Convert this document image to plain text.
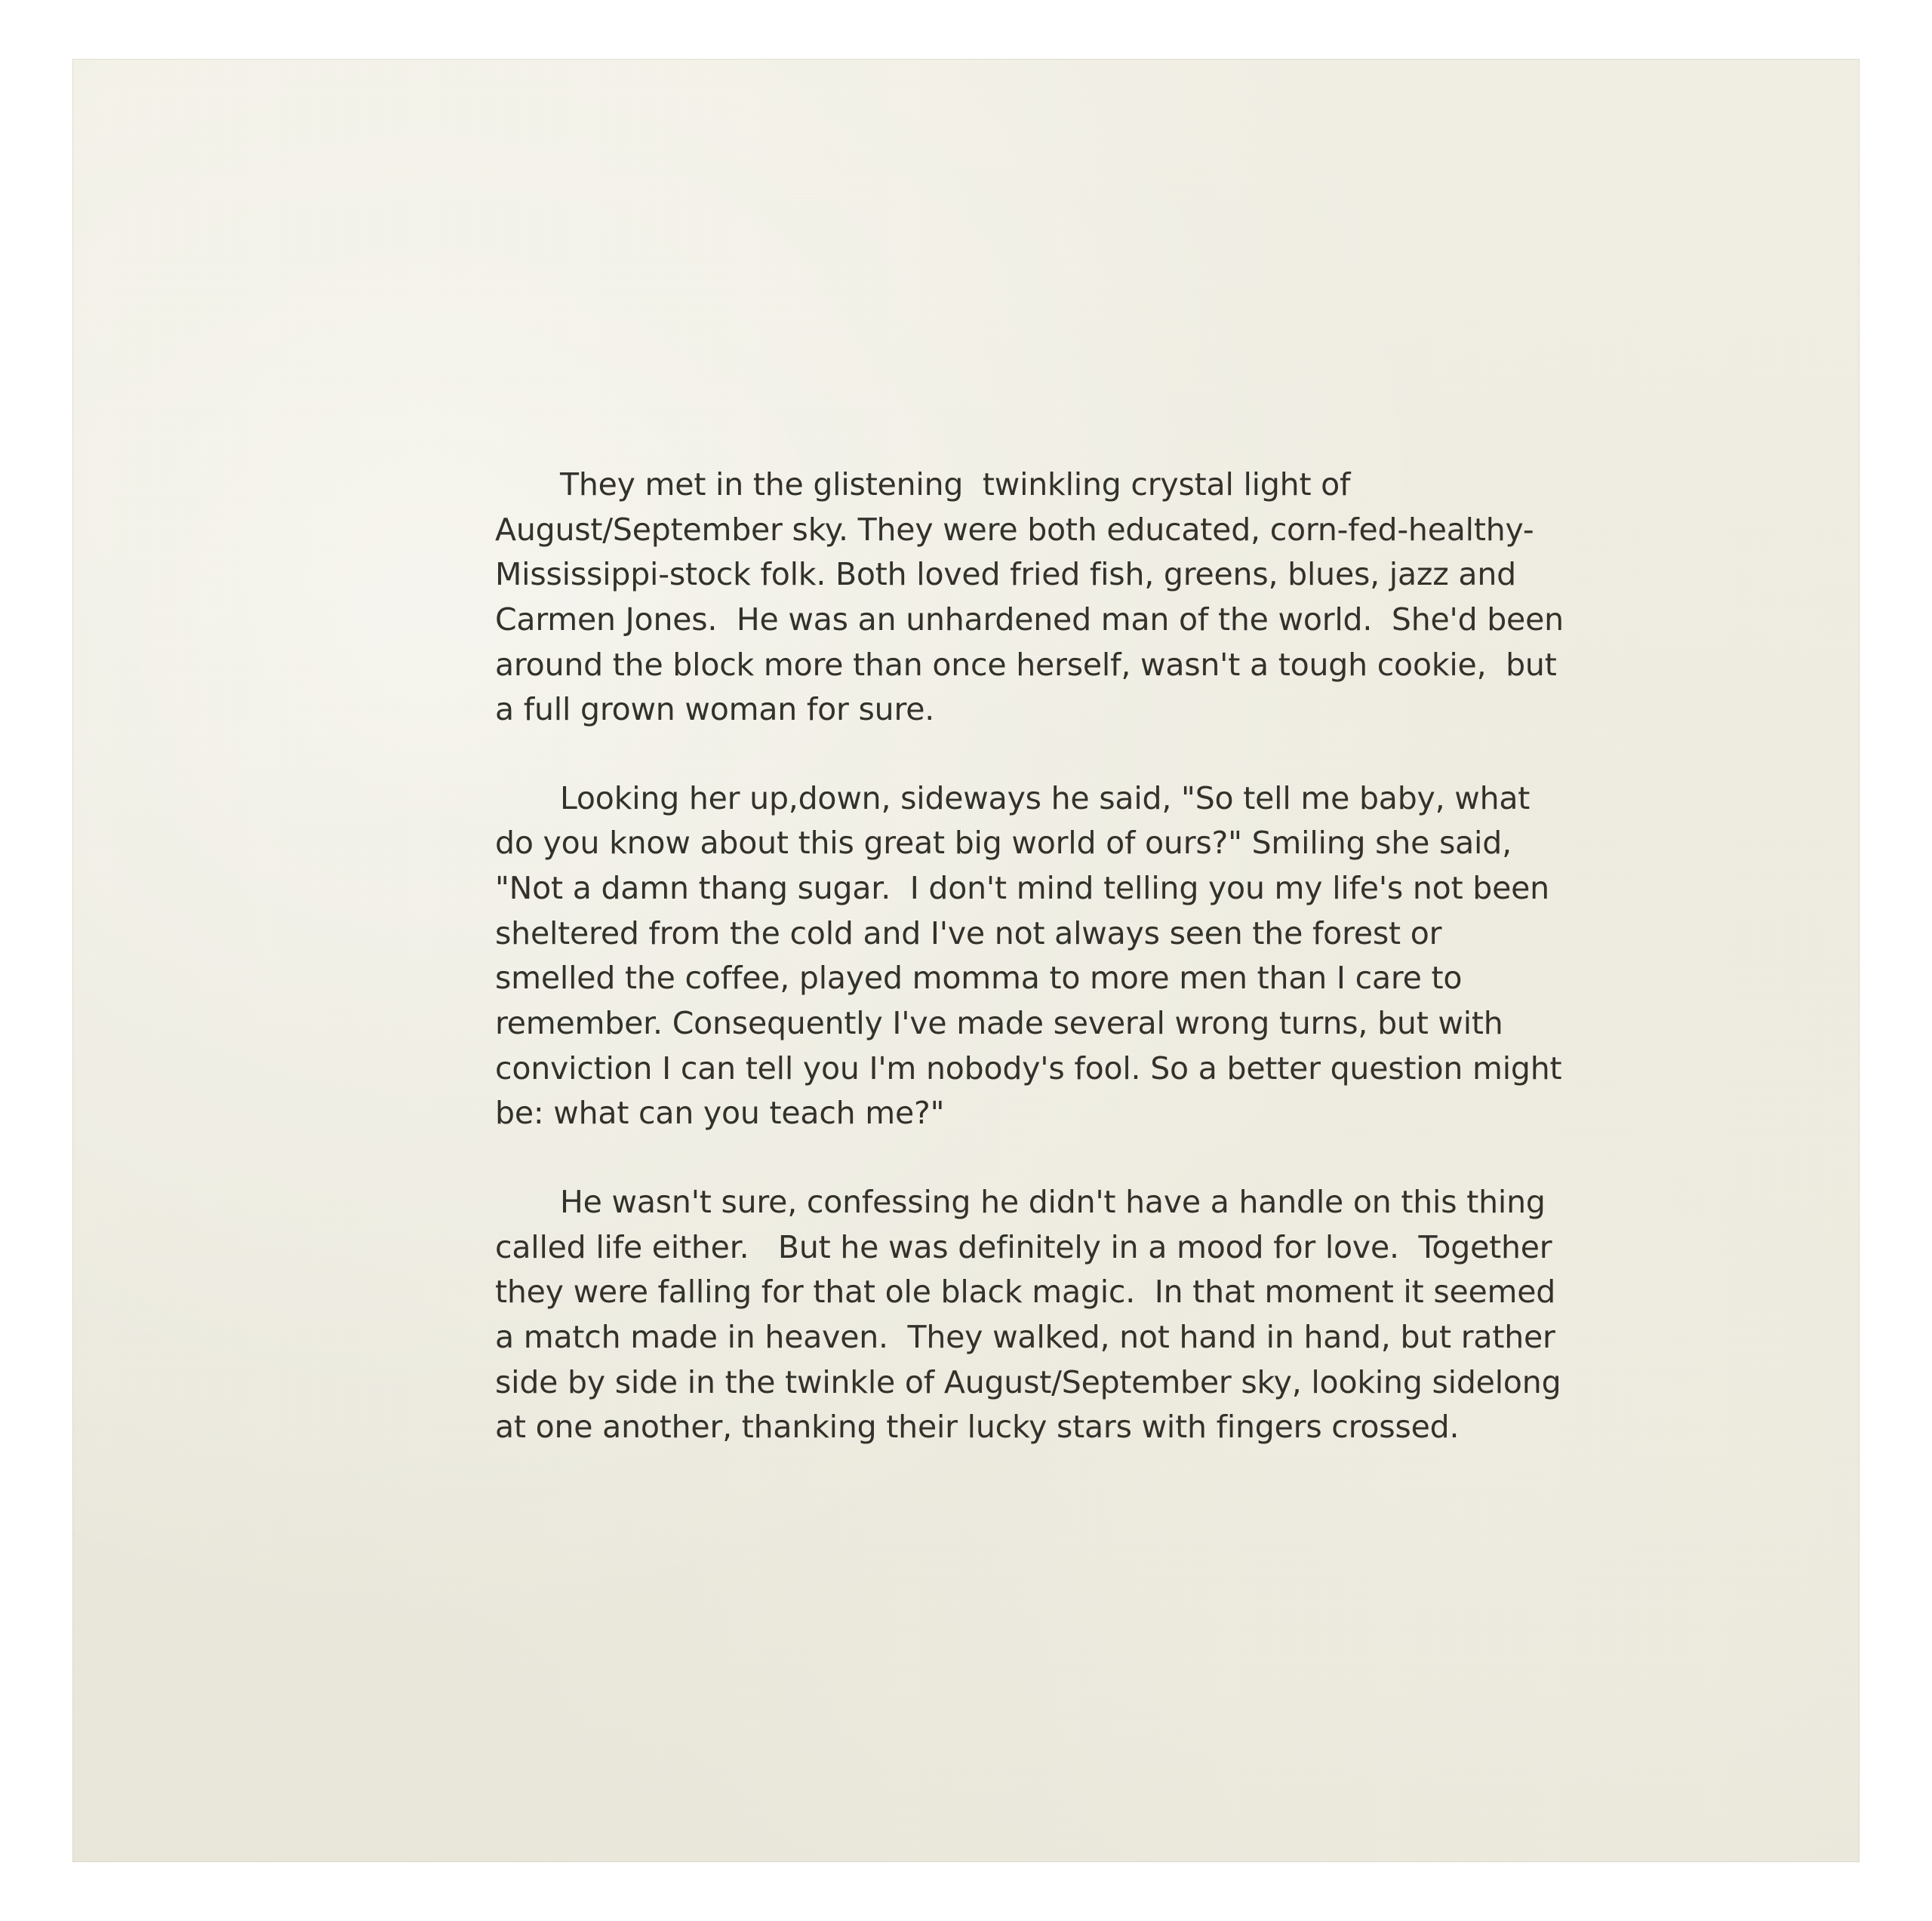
They met in the glistening  twinkling crystal light of August/September sky. They were both educated, corn-fed-healthy-Mississippi-stock folk. Both loved fried fish, greens, blues, jazz and Carmen Jones.  He was an unhardened man of the world.  She'd been around the block more than once herself, wasn't a tough cookie,  but a full grown woman for sure.

Looking her up,down, sideways he said, "So tell me baby, what do you know about this great big world of ours?" Smiling she said, "Not a damn thang sugar.  I don't mind telling you my life's not been sheltered from the cold and I've not always seen the forest or smelled the coffee, played momma to more men than I care to remember. Consequently I've made several wrong turns, but with conviction I can tell you I'm nobody's fool. So a better question might be: what can you teach me?"

He wasn't sure, confessing he didn't have a handle on this thing called life either.   But he was definitely in a mood for love.  Together they were falling for that ole black magic.  In that moment it seemed a match made in heaven.  They walked, not hand in hand, but rather side by side in the twinkle of August/September sky, looking sidelong at one another, thanking their lucky stars with fingers crossed.
